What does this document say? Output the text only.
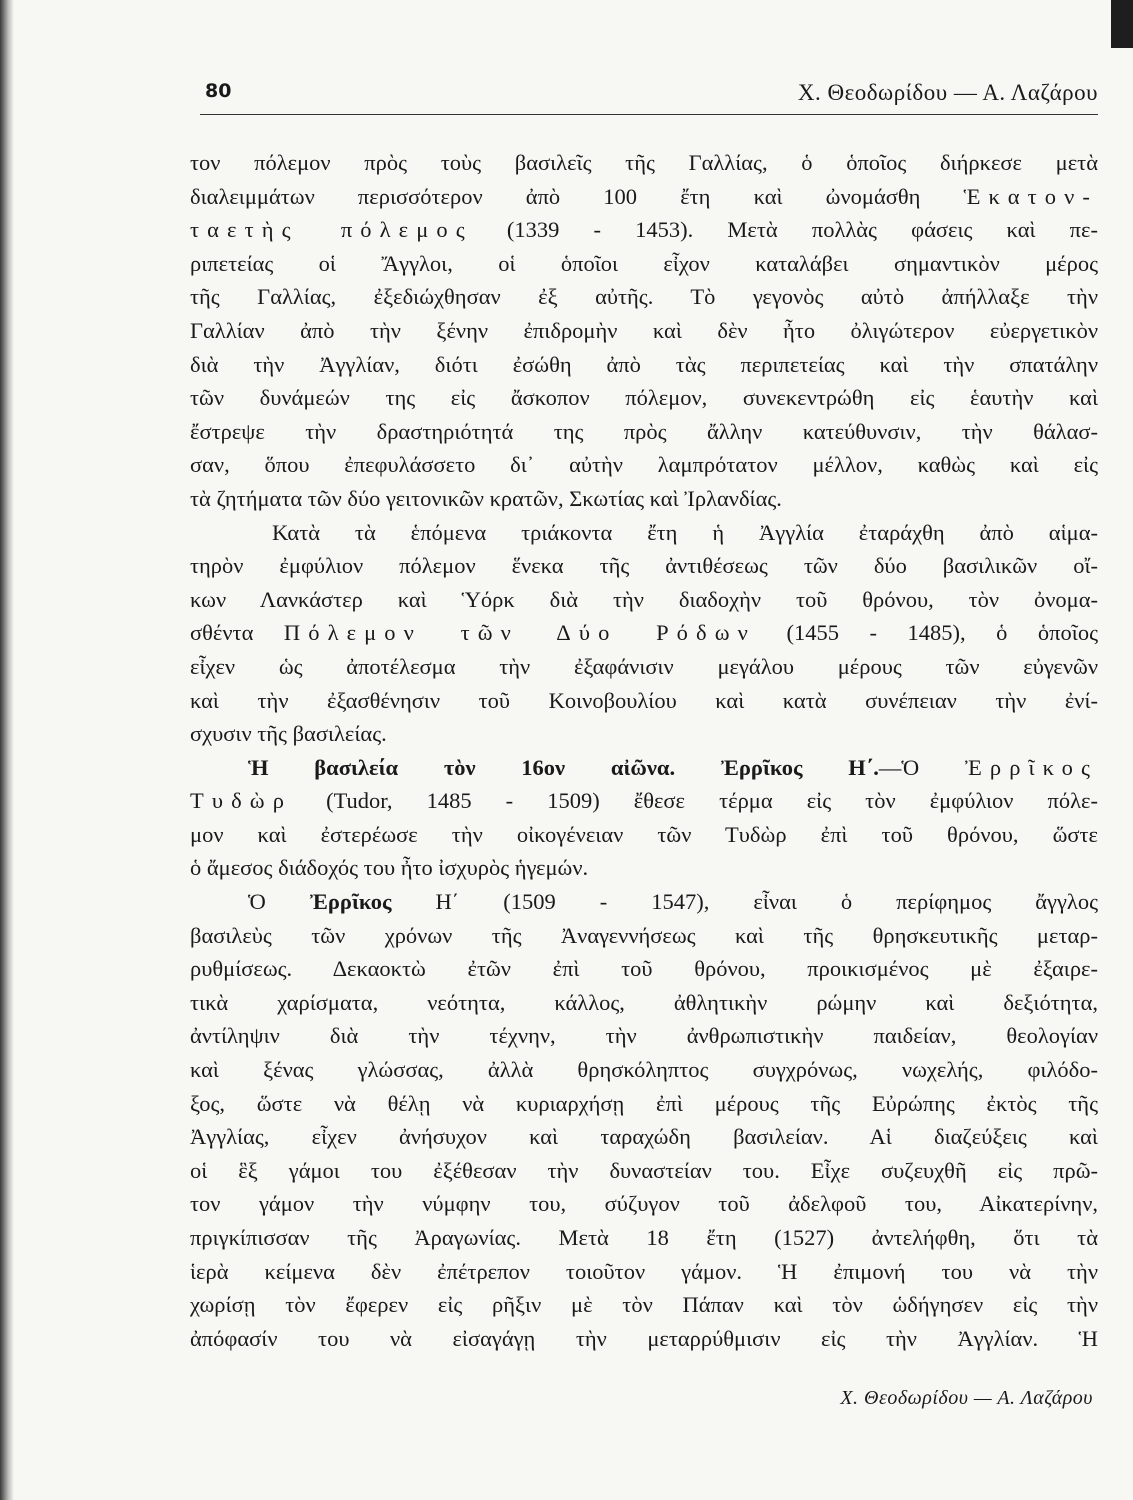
80	Χ. Θεοδωρίδου — Α. Λαζάρου
τον πόλεμον πρὸς τοὺς βασιλεῖς τῆς Γαλλίας, ὁ ὁποῖος διήρκεσε μετὰ
διαλειμμάτων περισσότερον ἀπὸ 100 ἔτη καὶ ὠνομάσθη Ἑκατον-
ταετὴς πόλεμος (1339 - 1453). Μετὰ πολλὰς φάσεις καὶ πε-
ριπετείας οἱ Ἄγγλοι, οἱ ὁποῖοι εἶχον καταλάβει σημαντικὸν μέρος
τῆς Γαλλίας, ἐξεδιώχθησαν ἐξ αὐτῆς. Τὸ γεγονὸς αὐτὸ ἀπήλλαξε τὴν
Γαλλίαν ἀπὸ τὴν ξένην ἐπιδρομὴν καὶ δὲν ἦτο ὀλιγώτερον εὐεργετικὸν
διὰ τὴν Ἀγγλίαν, διότι ἐσώθη ἀπὸ τὰς περιπετείας καὶ τὴν σπατάλην
τῶν δυνάμεών της εἰς ἄσκοπον πόλεμον, συνεκεντρώθη εἰς ἑαυτὴν καὶ
ἔστρεψε τὴν δραστηριότητά της πρὸς ἄλλην κατεύθυνσιν, τὴν θάλασ-
σαν, ὅπου ἐπεφυλάσσετο δι᾽ αὐτὴν λαμπρότατον μέλλον, καθὼς καὶ εἰς
τὰ ζητήματα τῶν δύο γειτονικῶν κρατῶν, Σκωτίας καὶ Ἰρλανδίας.
Κατὰ τὰ ἑπόμενα τριάκοντα ἔτη ἡ Ἀγγλία ἐταράχθη ἀπὸ αἱμα-
τηρὸν ἐμφύλιον πόλεμον ἕνεκα τῆς ἀντιθέσεως τῶν δύο βασιλικῶν οἴ-
κων Λανκάστερ καὶ Ὑόρκ διὰ τὴν διαδοχὴν τοῦ θρόνου, τὸν ὀνομα-
σθέντα Πόλεμον τῶν Δύο Ρόδων (1455 - 1485), ὁ ὁποῖος
εἶχεν ὡς ἀποτέλεσμα τὴν ἐξαφάνισιν μεγάλου μέρους τῶν εὐγενῶν
καὶ τὴν ἐξασθένησιν τοῦ Κοινοβουλίου καὶ κατὰ συνέπειαν τὴν ἐνί-
σχυσιν τῆς βασιλείας.
Ἡ βασιλεία τὸν 16ον αἰῶνα. Ἐρρῖκος Η΄.—Ὁ Ἐρρῖκος
Τυδὼρ (Tudor, 1485 - 1509) ἔθεσε τέρμα εἰς τὸν ἐμφύλιον πόλε-
μον καὶ ἐστερέωσε τὴν οἰκογένειαν τῶν Τυδὼρ ἐπὶ τοῦ θρόνου, ὥστε
ὁ ἄμεσος διάδοχός του ἦτο ἰσχυρὸς ἡγεμών.
Ὁ Ἐρρῖκος Η΄ (1509 - 1547), εἶναι ὁ περίφημος ἄγγλος
βασιλεὺς τῶν χρόνων τῆς Ἀναγεννήσεως καὶ τῆς θρησκευτικῆς μεταρ-
ρυθμίσεως. Δεκαοκτὼ ἐτῶν ἐπὶ τοῦ θρόνου, προικισμένος μὲ ἐξαιρε-
τικὰ χαρίσματα, νεότητα, κάλλος, ἀθλητικὴν ρώμην καὶ δεξιότητα,
ἀντίληψιν διὰ τὴν τέχνην, τὴν ἀνθρωπιστικὴν παιδείαν, θεολογίαν
καὶ ξένας γλώσσας, ἀλλὰ θρησκόληπτος συγχρόνως, νωχελής, φιλόδο-
ξος, ὥστε νὰ θέλῃ νὰ κυριαρχήσῃ ἐπὶ μέρους τῆς Εὐρώπης ἐκτὸς τῆς
Ἀγγλίας, εἶχεν ἀνήσυχον καὶ ταραχώδη βασιλείαν. Αἱ διαζεύξεις καὶ
οἱ ἓξ γάμοι του ἐξέθεσαν τὴν δυναστείαν του. Εἶχε συζευχθῆ εἰς πρῶ-
τον γάμον τὴν νύμφην του, σύζυγον τοῦ ἀδελφοῦ του, Αἰκατερίνην,
πριγκίπισσαν τῆς Ἀραγωνίας. Μετὰ 18 ἔτη (1527) ἀντελήφθη, ὅτι τὰ
ἱερὰ κείμενα δὲν ἐπέτρεπον τοιοῦτον γάμον. Ἡ ἐπιμονή του νὰ τὴν
χωρίσῃ τὸν ἔφερεν εἰς ρῆξιν μὲ τὸν Πάπαν καὶ τὸν ὡδήγησεν εἰς τὴν
ἀπόφασίν του νὰ εἰσαγάγῃ τὴν μεταρρύθμισιν εἰς τὴν Ἀγγλίαν. Ἡ
Χ. Θεοδωρίδου — Α. Λαζάρου
